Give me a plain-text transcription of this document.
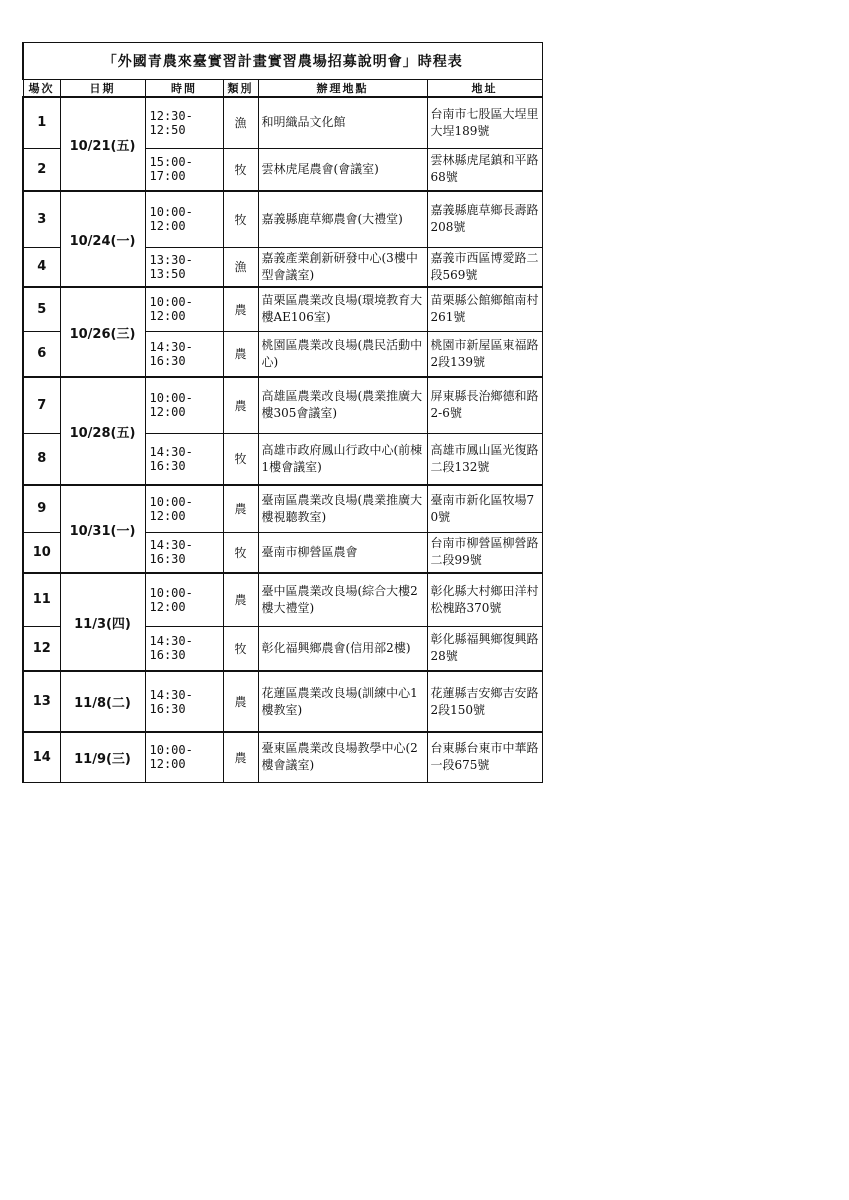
「外國青農來臺實習計畫實習農場招募說明會」時程表					
場次	日期	時間	類別	辦理地點	地址
1	10/21(五)	12:30-12:50	漁	和明織品文化館	台南市七股區大埕里大埕189號
2		15:00-17:00	牧	雲林虎尾農會(會議室)	雲林縣虎尾鎮和平路68號
3	10/24(一)	10:00-12:00	牧	嘉義縣鹿草鄉農會(大禮堂)	嘉義縣鹿草鄉長壽路208號
4		13:30-13:50	漁	嘉義產業創新研發中心(3樓中型會議室)	嘉義市西區博愛路二段569號
5	10/26(三)	10:00-12:00	農	苗栗區農業改良場(環境教育大樓AE106室)	苗栗縣公館鄉館南村261號
6		14:30-16:30	農	桃園區農業改良場(農民活動中心)	桃園市新屋區東福路2段139號
7	10/28(五)	10:00-12:00	農	高雄區農業改良場(農業推廣大樓305會議室)	屏東縣長治鄉德和路2-6號
8		14:30-16:30	牧	高雄市政府鳳山行政中心(前棟1樓會議室)	高雄市鳳山區光復路二段132號
9	10/31(一)	10:00-12:00	農	臺南區農業改良場(農業推廣大樓視聽教室)	臺南市新化區牧場70號
10		14:30-16:30	牧	臺南市柳營區農會	台南市柳營區柳營路二段99號
11	11/3(四)	10:00-12:00	農	臺中區農業改良場(綜合大樓2樓大禮堂)	彰化縣大村鄉田洋村松槐路370號
12		14:30-16:30	牧	彰化福興鄉農會(信用部2樓)	彰化縣福興鄉復興路28號
13	11/8(二)	14:30-16:30	農	花蓮區農業改良場(訓練中心1樓教室)	花蓮縣吉安鄉吉安路2段150號
14	11/9(三)	10:00-12:00	農	臺東區農業改良場教學中心(2樓會議室)	台東縣台東市中華路一段675號
